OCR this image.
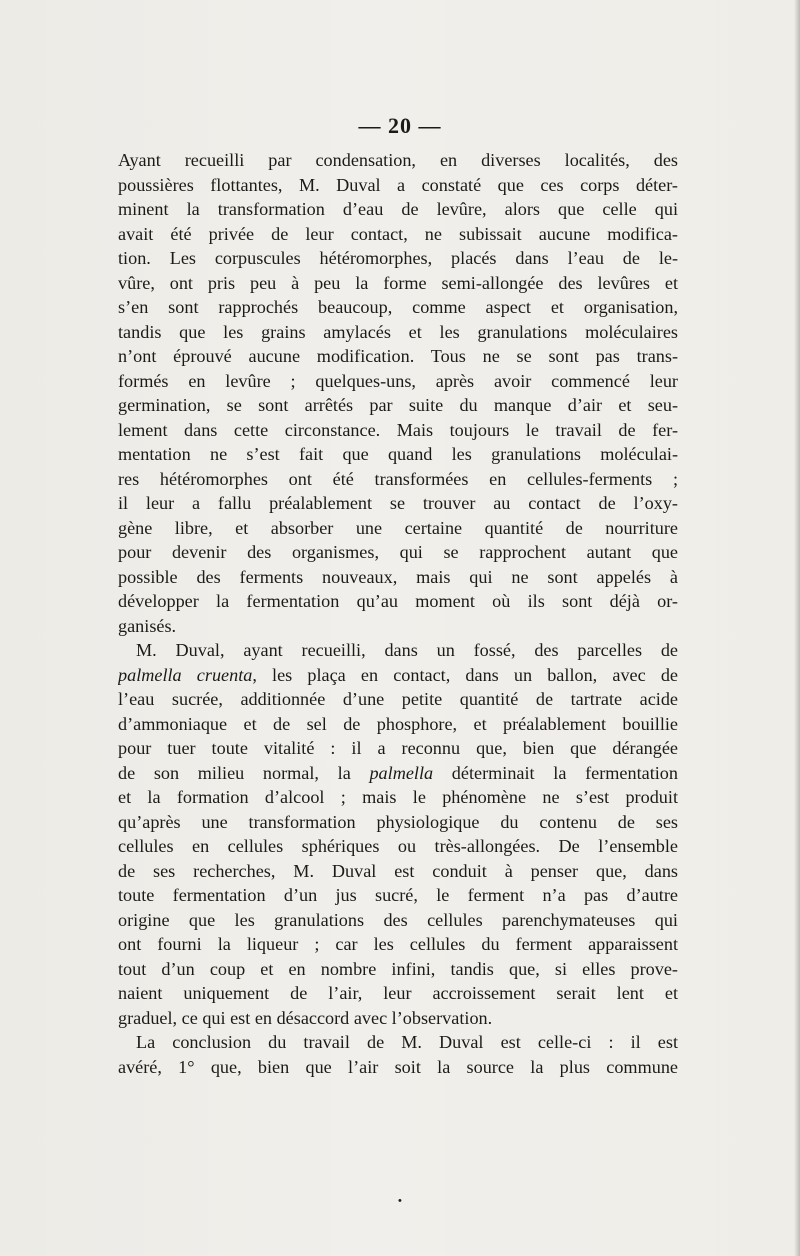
— 20 —
Ayant recueilli par condensation, en diverses localités, des
poussières flottantes, M. Duval a constaté que ces corps déter-
minent la transformation d’eau de levûre, alors que celle qui
avait été privée de leur contact, ne subissait aucune modifica-
tion. Les corpuscules hétéromorphes, placés dans l’eau de le-
vûre, ont pris peu à peu la forme semi-allongée des levûres et
s’en sont rapprochés beaucoup, comme aspect et organisation,
tandis que les grains amylacés et les granulations moléculaires
n’ont éprouvé aucune modification. Tous ne se sont pas trans-
formés en levûre ; quelques-uns, après avoir commencé leur
germination, se sont arrêtés par suite du manque d’air et seu-
lement dans cette circonstance. Mais toujours le travail de fer-
mentation ne s’est fait que quand les granulations moléculai-
res hétéromorphes ont été transformées en cellules-ferments ;
il leur a fallu préalablement se trouver au contact de l’oxy-
gène libre, et absorber une certaine quantité de nourriture
pour devenir des organismes, qui se rapprochent autant que
possible des ferments nouveaux, mais qui ne sont appelés à
développer la fermentation qu’au moment où ils sont déjà or-
ganisés.
M. Duval, ayant recueilli, dans un fossé, des parcelles de
palmella cruenta, les plaça en contact, dans un ballon, avec de
l’eau sucrée, additionnée d’une petite quantité de tartrate acide
d’ammoniaque et de sel de phosphore, et préalablement bouillie
pour tuer toute vitalité : il a reconnu que, bien que dérangée
de son milieu normal, la palmella déterminait la fermentation
et la formation d’alcool ; mais le phénomène ne s’est produit
qu’après une transformation physiologique du contenu de ses
cellules en cellules sphériques ou très-allongées. De l’ensemble
de ses recherches, M. Duval est conduit à penser que, dans
toute fermentation d’un jus sucré, le ferment n’a pas d’autre
origine que les granulations des cellules parenchymateuses qui
ont fourni la liqueur ; car les cellules du ferment apparaissent
tout d’un coup et en nombre infini, tandis que, si elles prove-
naient uniquement de l’air, leur accroissement serait lent et
graduel, ce qui est en désaccord avec l’observation.
La conclusion du travail de M. Duval est celle-ci : il est
avéré, 1° que, bien que l’air soit la source la plus commune
•
